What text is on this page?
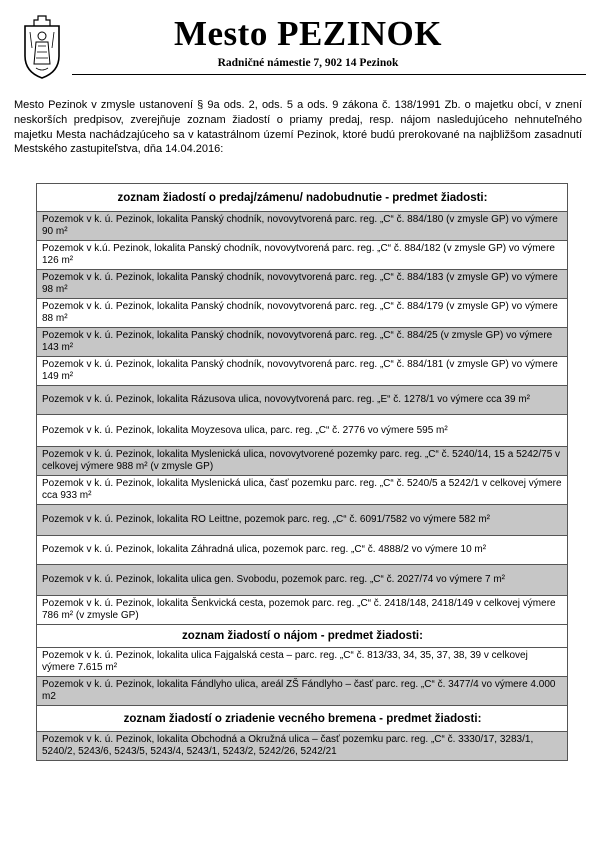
Mesto PEZINOK
Radničné námestie 7, 902 14 Pezinok
Mesto Pezinok v zmysle ustanovení § 9a ods. 2, ods. 5 a ods. 9 zákona č. 138/1991 Zb. o majetku obcí, v znení neskorších predpisov, zverejňuje zoznam žiadostí o priamy predaj, resp. nájom nasledujúceho nehnuteľného majetku Mesta nachádzajúceho sa v katastrálnom území Pezinok, ktoré budú prerokované na najbližšom zasadnutí Mestského zastupiteľstva, dňa 14.04.2016:
zoznam žiadostí o predaj/zámenu/ nadobudnutie - predmet žiadosti:
Pozemok v k. ú. Pezinok, lokalita Panský chodník, novovytvorená parc. reg. „C“ č. 884/180 (v zmysle GP) vo výmere 90 m²
Pozemok v k.ú. Pezinok, lokalita Panský chodník, novovytvorená parc. reg. „C“ č. 884/182 (v zmysle GP) vo výmere 126 m²
Pozemok v k. ú. Pezinok, lokalita Panský chodník, novovytvorená parc. reg. „C“ č. 884/183 (v zmysle GP) vo výmere 98 m²
Pozemok v k. ú. Pezinok, lokalita Panský chodník, novovytvorená parc. reg. „C“ č. 884/179 (v zmysle GP) vo výmere 88 m²
Pozemok v k. ú. Pezinok, lokalita Panský chodník, novovytvorená parc. reg. „C“ č. 884/25 (v zmysle GP) vo výmere 143 m²
Pozemok v k. ú. Pezinok, lokalita Panský chodník, novovytvorená parc. reg. „C“ č. 884/181 (v zmysle GP) vo výmere 149 m²
Pozemok v k. ú. Pezinok, lokalita Rázusova ulica, novovytvorená parc. reg. „E“ č. 1278/1 vo výmere cca 39 m²
Pozemok v k. ú. Pezinok, lokalita Moyzesova ulica, parc. reg. „C“ č. 2776 vo výmere 595 m²
Pozemok v k. ú. Pezinok, lokalita Myslenická ulica, novovytvorené pozemky parc. reg. „C“ č. 5240/14, 15 a 5242/75 v celkovej výmere 988 m² (v zmysle GP)
Pozemok v k. ú. Pezinok, lokalita Myslenická ulica, časť pozemku parc. reg. „C“ č. 5240/5 a 5242/1 v celkovej výmere cca 933 m²
Pozemok v k. ú. Pezinok, lokalita RO Leittne, pozemok parc. reg. „C“ č. 6091/7582 vo výmere 582 m²
Pozemok v k. ú. Pezinok, lokalita Záhradná ulica, pozemok parc. reg. „C“ č. 4888/2 vo výmere 10 m²
Pozemok v k. ú. Pezinok, lokalita ulica gen. Svobodu, pozemok parc. reg. „C“ č. 2027/74 vo výmere 7 m²
Pozemok v k. ú. Pezinok, lokalita Šenkvická cesta, pozemok parc. reg. „C“ č. 2418/148, 2418/149 v celkovej výmere 786 m² (v zmysle GP)
zoznam žiadostí o nájom - predmet žiadosti:
Pozemok v k. ú. Pezinok, lokalita ulica Fajgalská cesta – parc. reg. „C“ č. 813/33, 34, 35, 37, 38, 39 v celkovej výmere 7.615 m²
Pozemok v k. ú. Pezinok, lokalita Fándlyho ulica, areál ZŠ Fándlyho – časť parc. reg. „C“ č. 3477/4 vo výmere 4.000 m2
zoznam žiadostí o zriadenie vecného bremena - predmet žiadosti:
Pozemok v k. ú. Pezinok, lokalita Obchodná a Okružná ulica – časť pozemku parc. reg. „C“ č. 3330/17, 3283/1, 5240/2, 5243/6, 5243/5, 5243/4, 5243/1, 5243/2, 5242/26, 5242/21
